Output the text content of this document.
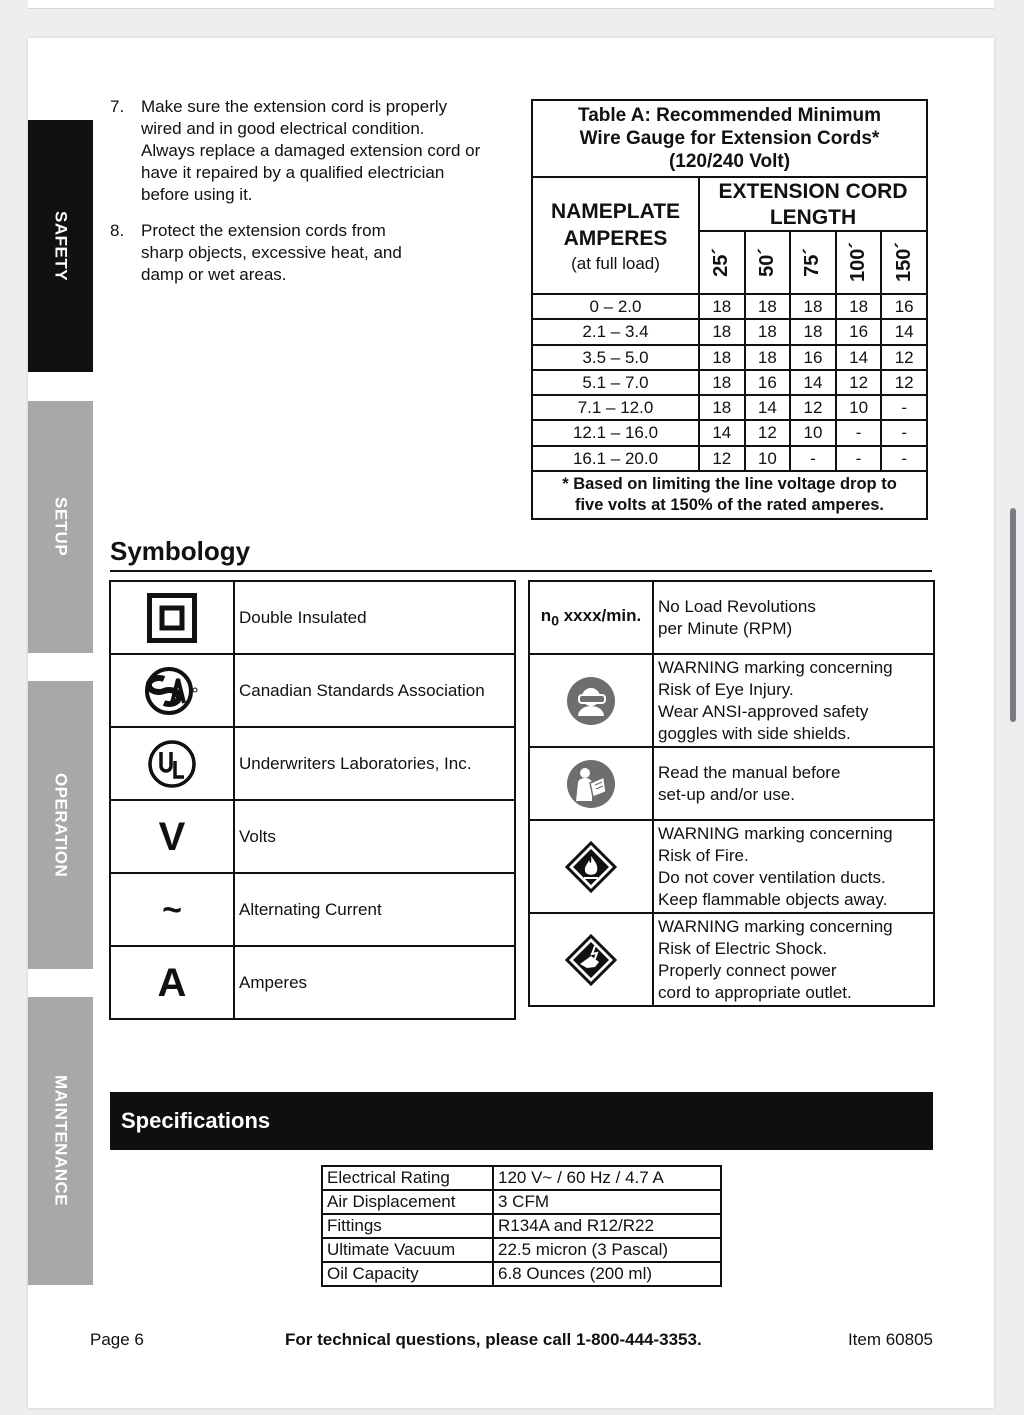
SAFETY
SETUP
OPERATION
MAINTENANCE
7. Make sure the extension cord is properly wired and in good electrical condition. Always replace a damaged extension cord or have it repaired by a qualified electrician before using it.
8. Protect the extension cords from sharp objects, excessive heat, and damp or wet areas.
Table A: Recommended Minimum
Wire Gauge for Extension Cords*
(120/240 Volt)
NAMEPLATE
AMPERES
(at full load)
EXTENSION CORD
LENGTH
25´ 50´ 75´ 100´ 150´
0 – 2.0	18	18	18	18	16
2.1 – 3.4	18	18	18	16	14
3.5 – 5.0	18	18	16	14	12
5.1 – 7.0	18	16	14	12	12
7.1 – 12.0	18	14	12	10	-
12.1 – 16.0	14	12	10	-	-
16.1 – 20.0	12	10	-	-	-
* Based on limiting the line voltage drop to
five volts at 150% of the rated amperes.
Symbology
Double Insulated
Canadian Standards Association
Underwriters Laboratories, Inc.
V	Volts
~	Alternating Current
A	Amperes
$n_0$ xxxx/min.
No Load Revolutions
per Minute (RPM)
WARNING marking concerning
Risk of Eye Injury.
Wear ANSI-approved safety
goggles with side shields.
Read the manual before
set-up and/or use.
WARNING marking concerning
Risk of Fire.
Do not cover ventilation ducts.
Keep flammable objects away.
WARNING marking concerning
Risk of Electric Shock.
Properly connect power
cord to appropriate outlet.
Specifications
Electrical Rating	120 V~ / 60 Hz / 4.7 A
Air Displacement	3 CFM
Fittings	R134A and R12/R22
Ultimate Vacuum	22.5 micron (3 Pascal)
Oil Capacity	6.8 Ounces (200 ml)
Page 6	For technical questions, please call 1-800-444-3353.	Item 60805
